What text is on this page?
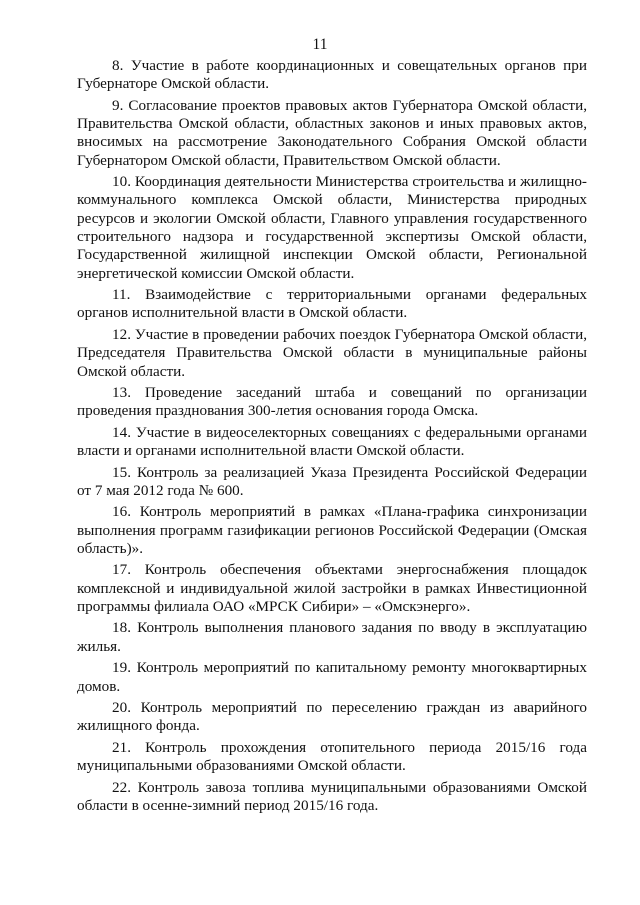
11

8. Участие в работе координационных и совещательных органов при Губернаторе Омской области.

9. Согласование проектов правовых актов Губернатора Омской области, Правительства Омской области, областных законов и иных правовых актов, вносимых на рассмотрение Законодательного Собрания Омской области Губернатором Омской области, Правительством Омской области.

10. Координация деятельности Министерства строительства и жилищно-коммунального комплекса Омской области, Министерства природных ресурсов и экологии Омской области, Главного управления государственного строительного надзора и государственной экспертизы Омской области, Государственной жилищной инспекции Омской области, Региональной энергетической комиссии Омской области.

11. Взаимодействие с территориальными органами федеральных органов исполнительной власти в Омской области.

12. Участие в проведении рабочих поездок Губернатора Омской области, Председателя Правительства Омской области в муниципальные районы Омской области.

13. Проведение заседаний штаба и совещаний по организации проведения празднования 300-летия основания города Омска.

14. Участие в видеоселекторных совещаниях с федеральными органами власти и органами исполнительной власти Омской области.

15. Контроль за реализацией Указа Президента Российской Федерации от 7 мая 2012 года № 600.

16. Контроль мероприятий в рамках «Плана-графика синхронизации выполнения программ газификации регионов Российской Федерации (Омская область)».

17. Контроль обеспечения объектами энергоснабжения площадок комплексной и индивидуальной жилой застройки в рамках Инвестиционной программы филиала ОАО «МРСК Сибири» – «Омскэнерго».

18. Контроль выполнения планового задания по вводу в эксплуатацию жилья.

19. Контроль мероприятий по капитальному ремонту многоквартирных домов.

20. Контроль мероприятий по переселению граждан из аварийного жилищного фонда.

21. Контроль прохождения отопительного периода 2015/16 года муниципальными образованиями Омской области.

22. Контроль завоза топлива муниципальными образованиями Омской области в осенне-зимний период 2015/16 года.
